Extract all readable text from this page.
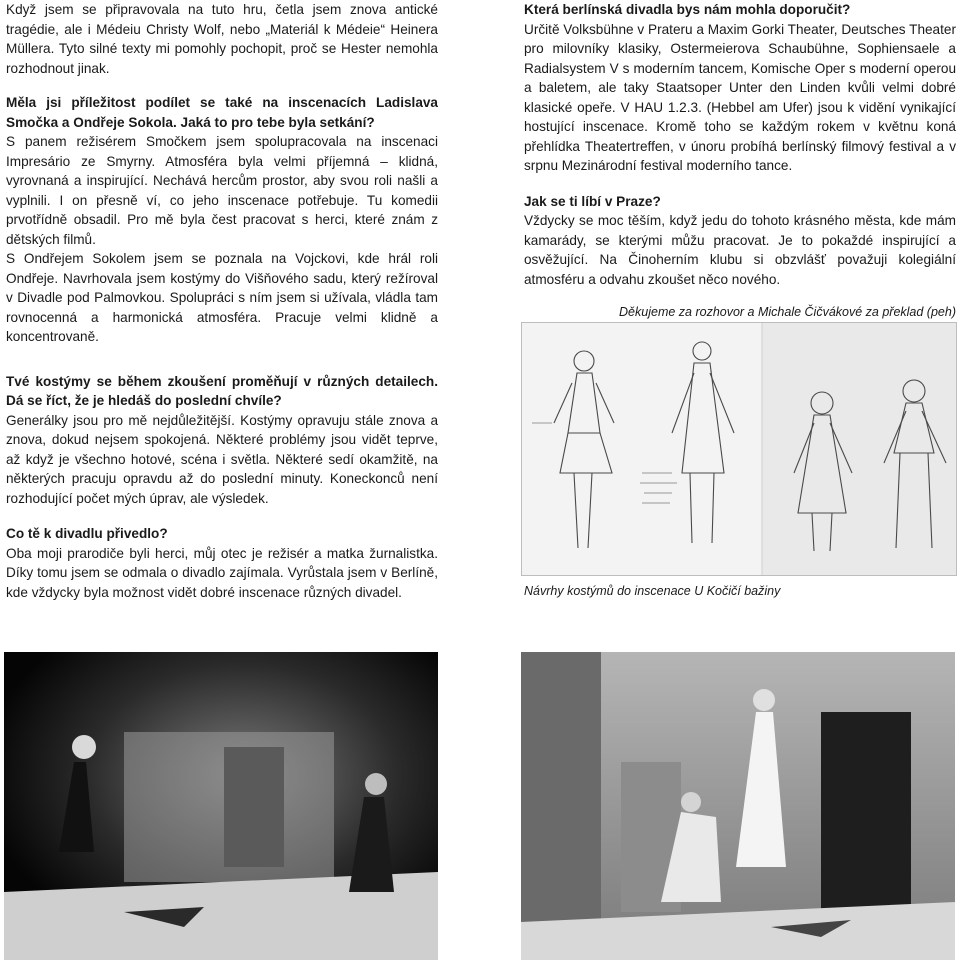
Když jsem se připravovala na tuto hru, četla jsem znova antické tragédie, ale i Médeiu Christy Wolf, nebo „Materiál k Médeie“ Heinera Müllera. Tyto silné texty mi pomohly pochopit, proč se Hester nemohla rozhodnout jinak.

Měla jsi příležitost podílet se také na inscenacích Ladislava Smočka a Ondřeje Sokola. Jaká to pro tebe byla setkání?

S panem režisérem Smočkem jsem spolupracovala na inscenaci Impresário ze Smyrny. Atmosféra byla velmi příjemná – klidná, vyrovnaná a inspirující. Nechává hercům prostor, aby svou roli našli a vyplnili. I on přesně ví, co jeho inscenace potřebuje. Tu komedii prvotřídně obsadil. Pro mě byla čest pracovat s herci, které znám z dětských filmů.

S Ondřejem Sokolem jsem se poznala na Vojckovi, kde hrál roli Ondřeje. Navrhovala jsem kostýmy do Višňového sadu, který režíroval v Divadle pod Palmovkou. Spolupráci s ním jsem si užívala, vládla tam rovnocenná a harmonická atmosféra. Pracuje velmi klidně a koncentrovaně.

Tvé kostýmy se během zkoušení proměňují v různých detailech. Dá se říct, že je hledáš do poslední chvíle?

Generálky jsou pro mě nejdůležitější. Kostýmy opravuju stále znova a znova, dokud nejsem spokojená. Některé problémy jsou vidět teprve, až když je všechno hotové, scéna i světla. Některé sedí okamžitě, na některých pracuju opravdu až do poslední minuty. Koneckonců není rozhodující počet mých úprav, ale výsledek.

Co tě k divadlu přivedlo?

Oba moji prarodiče byli herci, můj otec je režisér a matka žurnalistka. Díky tomu jsem se odmala o divadlo zajímala. Vyrůstala jsem v Berlíně, kde vždycky byla možnost vidět dobré inscenace různých divadel.

Která berlínská divadla bys nám mohla doporučit?

Určitě Volksbühne v Prateru a Maxim Gorki Theater, Deutsches Theater pro milovníky klasiky, Ostermeierova Schaubühne, Sophiensaele a Radialsystem V s moderním tancem, Komische Oper s moderní operou a baletem, ale taky Staatsoper Unter den Linden kvůli velmi dobré klasické opeře. V HAU 1.2.3. (Hebbel am Ufer) jsou k vidění vynikající hostující inscenace. Kromě toho se každým rokem v květnu koná přehlídka Theatertreffen, v únoru probíhá berlínský filmový festival a v srpnu Mezinárodní festival moderního tance.

Jak se ti líbí v Praze?

Vždycky se moc těším, když jedu do tohoto krásného města, kde mám kamarády, se kterými můžu pracovat. Je to pokaždé inspirující a osvěžující. Na Činoherním klubu si obzvlášť považuji kolegiální atmosféru a odvahu zkoušet něco nového.

Děkujeme za rozhovor a Michale Čičvákové za překlad (peh)
Návrhy kostýmů do inscenace U Kočičí bažiny
